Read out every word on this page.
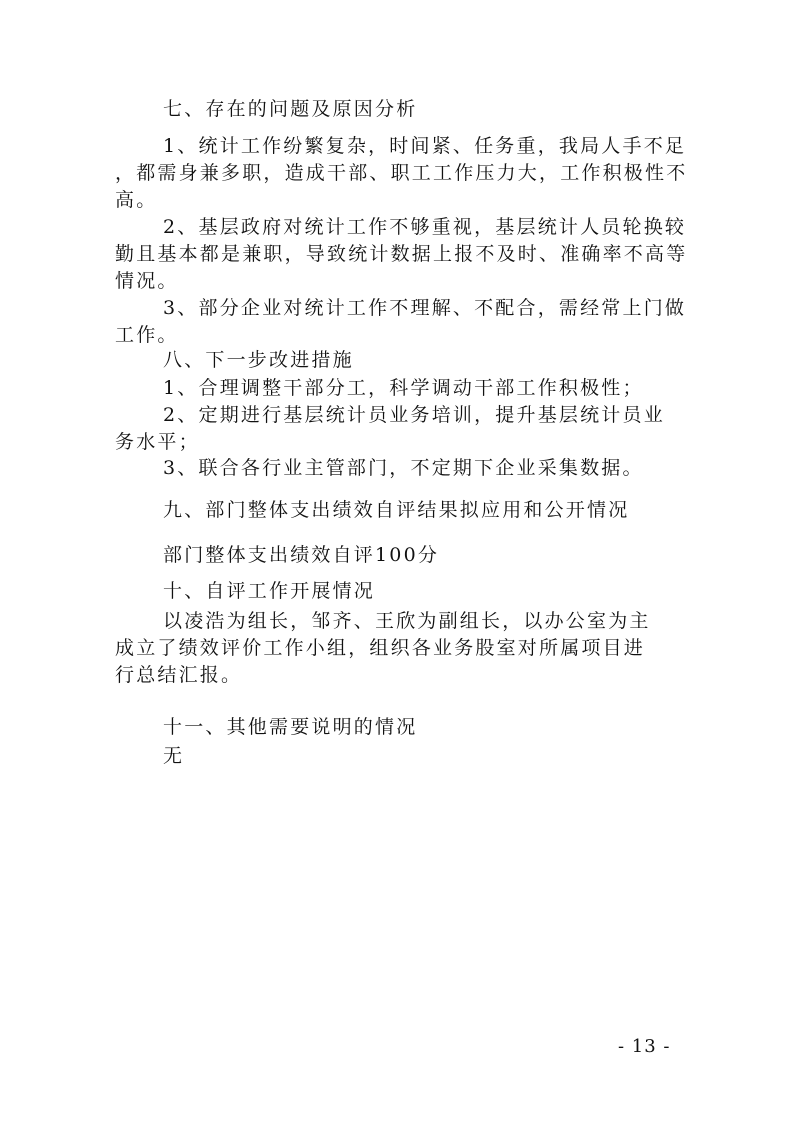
七、存在的问题及原因分析
1、统计工作纷繁复杂，时间紧、任务重，我局人手不足
，都需身兼多职，造成干部、职工工作压力大，工作积极性不
高。
2、基层政府对统计工作不够重视，基层统计人员轮换较
勤且基本都是兼职，导致统计数据上报不及时、准确率不高等
情况。
3、部分企业对统计工作不理解、不配合，需经常上门做
工作。
八、下一步改进措施
1、合理调整干部分工，科学调动干部工作积极性；
2、定期进行基层统计员业务培训，提升基层统计员业
务水平；
3、联合各行业主管部门，不定期下企业采集数据。
九、部门整体支出绩效自评结果拟应用和公开情况
部门整体支出绩效自评100分
十、自评工作开展情况
以凌浩为组长，邹齐、王欣为副组长，以办公室为主
成立了绩效评价工作小组，组织各业务股室对所属项目进
行总结汇报。
十一、其他需要说明的情况
无
- 13 -
